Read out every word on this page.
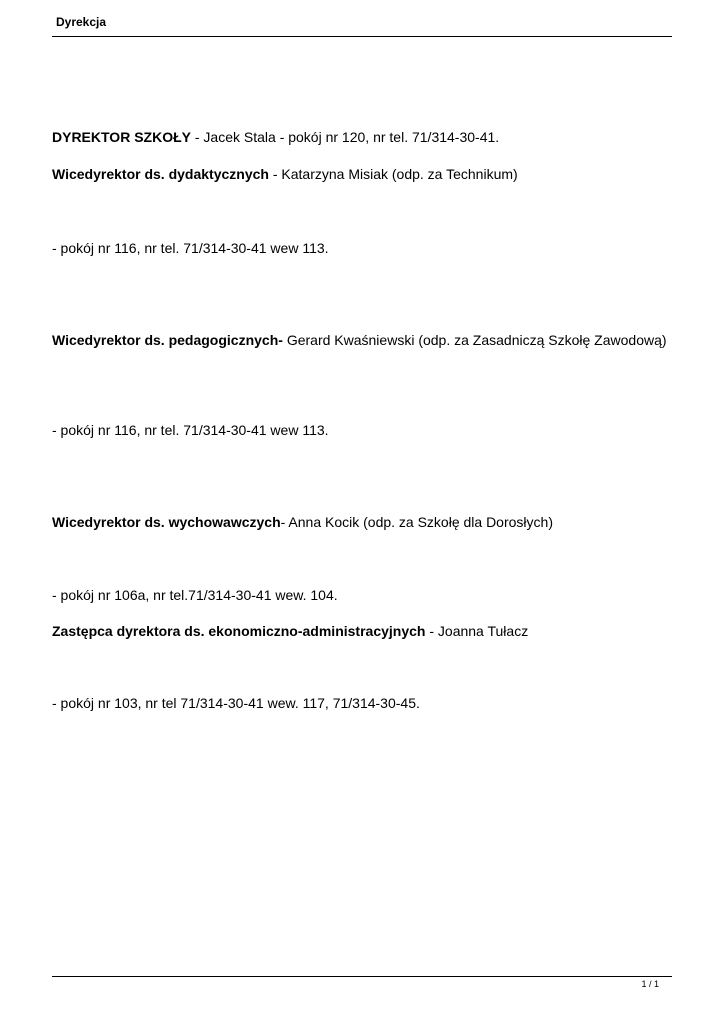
Dyrekcja

DYREKTOR SZKOŁY - Jacek Stala - pokój nr 120, nr tel. 71/314-30-41.

Wicedyrektor ds. dydaktycznych - Katarzyna Misiak (odp. za Technikum)

- pokój nr 116, nr tel. 71/314-30-41 wew 113.

Wicedyrektor ds. pedagogicznych- Gerard Kwaśniewski (odp. za Zasadniczą Szkołę Zawodową)

- pokój nr 116, nr tel. 71/314-30-41 wew 113.

Wicedyrektor ds. wychowawczych- Anna Kocik (odp. za Szkołę dla Dorosłych)

- pokój nr 106a, nr tel.71/314-30-41 wew. 104.

Zastępca dyrektora ds. ekonomiczno-administracyjnych - Joanna Tułacz

- pokój nr 103, nr tel 71/314-30-41 wew. 117, 71/314-30-45.

1 / 1
